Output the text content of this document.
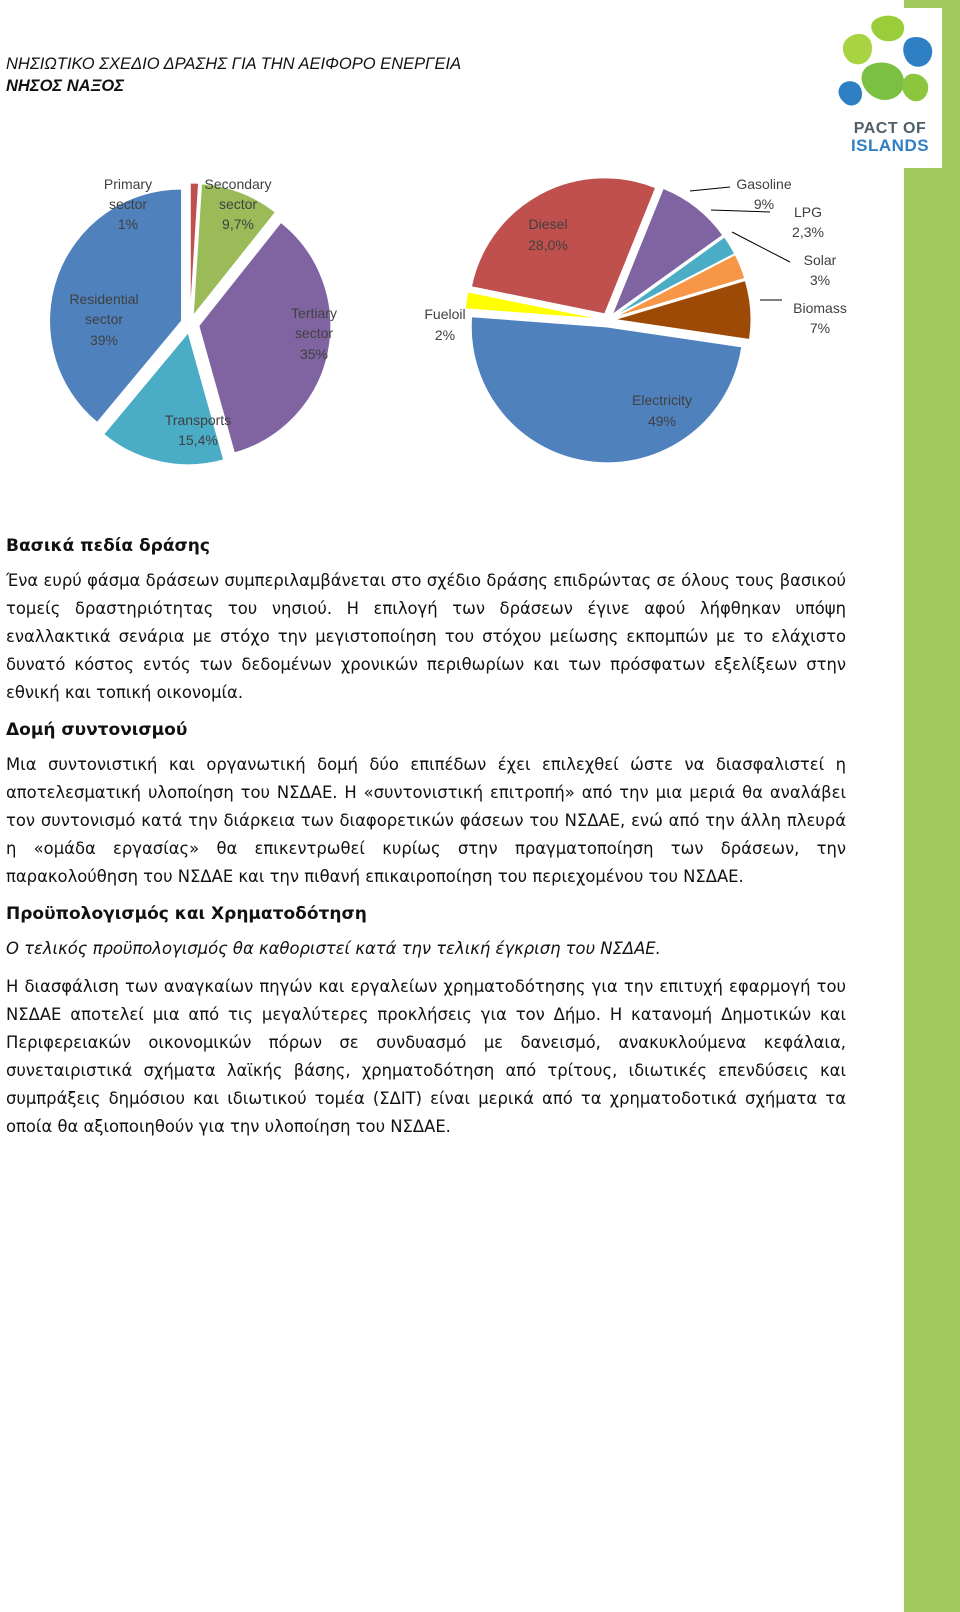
PACT OF
ISLANDS
ΝΗΣΙΩΤΙΚΟ ΣΧΕΔΙΟ ΔΡΑΣΗΣ ΓΙΑ ΤΗΝ ΑΕΙΦΟΡΟ ΕΝΕΡΓΕΙΑ
ΝΗΣΟΣ ΝΑΞΟΣ
Primary sector
1%
Secondary sector
9,7%
Tertiary sector
35%
Transports
15,4%
Residential sector
39%
Gasoline
9% LPG
2,3%
Solar
3%
Biomass
7%
Electricity
49%
Fueloil
2%
Diesel
28,0%
Βασικά πεδία δράσης

Ένα ευρύ φάσμα δράσεων συμπεριλαμβάνεται στο σχέδιο δράσης επιδρώντας σε όλους τους βασικού τομείς δραστηριότητας του νησιού. Η επιλογή των δράσεων έγινε αφού λήφθηκαν υπόψη εναλλακτικά σενάρια με στόχο την μεγιστοποίηση του στόχου μείωσης εκπομπών με το ελάχιστο δυνατό κόστος εντός των δεδομένων χρονικών περιθωρίων και των πρόσφατων εξελίξεων στην εθνική και τοπική οικονομία.

Δομή συντονισμού

Μια συντονιστική και οργανωτική δομή δύο επιπέδων έχει επιλεχθεί ώστε να διασφαλιστεί η αποτελεσματική υλοποίηση του ΝΣΔΑΕ. Η «συντονιστική επιτροπή» από την μια μεριά θα αναλάβει τον συντονισμό κατά την διάρκεια των διαφορετικών φάσεων του ΝΣΔΑΕ, ενώ από την άλλη πλευρά η «ομάδα εργασίας» θα επικεντρωθεί κυρίως στην πραγματοποίηση των δράσεων, την παρακολούθηση του ΝΣΔΑΕ και την πιθανή επικαιροποίηση του περιεχομένου του ΝΣΔΑΕ.

Προϋπολογισμός και Χρηματοδότηση

Ο τελικός προϋπολογισμός θα καθοριστεί κατά την τελική έγκριση του ΝΣΔΑΕ.

Η διασφάλιση των αναγκαίων πηγών και εργαλείων χρηματοδότησης για την επιτυχή εφαρμογή του ΝΣΔΑΕ αποτελεί μια από τις μεγαλύτερες προκλήσεις για τον Δήμο. Η κατανομή Δημοτικών και Περιφερειακών οικονομικών πόρων σε συνδυασμό με δανεισμό, ανακυκλούμενα κεφάλαια, συνεταιριστικά σχήματα λαϊκής βάσης, χρηματοδότηση από τρίτους, ιδιωτικές επενδύσεις και συμπράξεις δημόσιου και ιδιωτικού τομέα (ΣΔΙΤ) είναι μερικά από τα χρηματοδοτικά σχήματα τα οποία θα αξιοποιηθούν για την υλοποίηση του ΝΣΔΑΕ.
